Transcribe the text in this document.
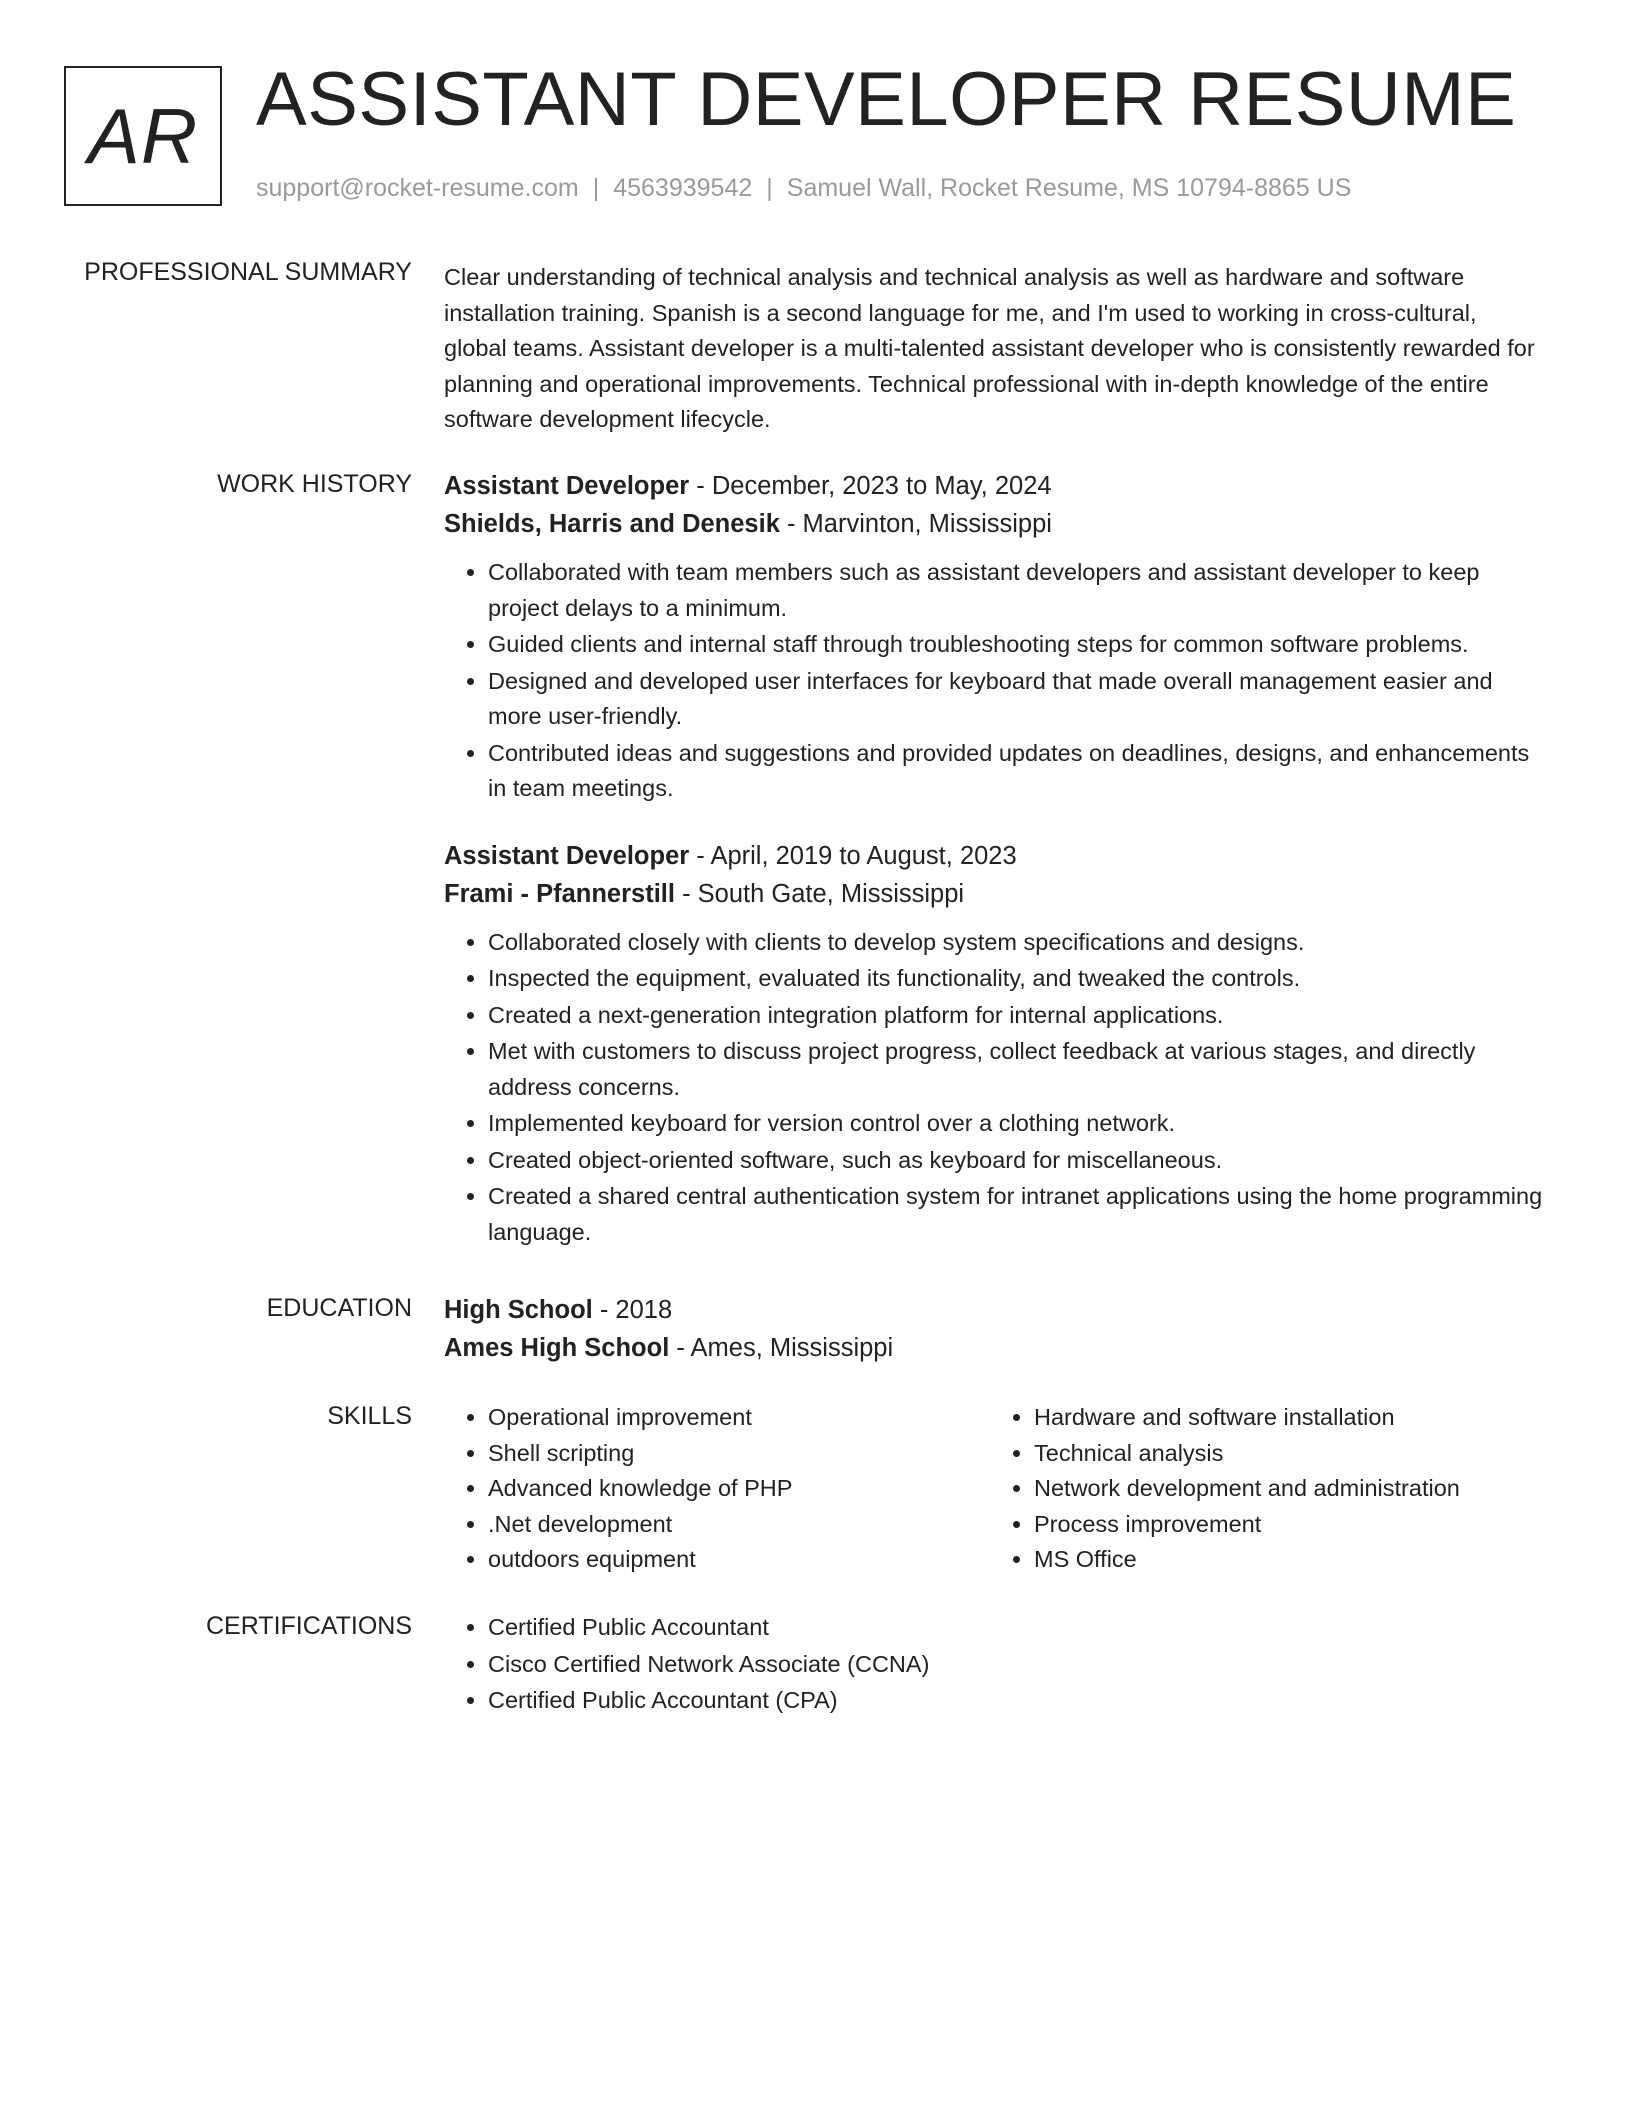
AR ASSISTANT DEVELOPER RESUME
support@rocket-resume.com | 4563939542 | Samuel Wall, Rocket Resume, MS 10794-8865 US
PROFESSIONAL SUMMARY Clear understanding of technical analysis and technical analysis as well as hardware and software installation training. Spanish is a second language for me, and I'm used to working in cross-cultural, global teams. Assistant developer is a multi-talented assistant developer who is consistently rewarded for planning and operational improvements. Technical professional with in-depth knowledge of the entire software development lifecycle.

WORK HISTORY Assistant Developer - December, 2023 to May, 2024
Shields, Harris and Denesik - Marvinton, Mississippi
• Collaborated with team members such as assistant developers and assistant developer to keep project delays to a minimum.
• Guided clients and internal staff through troubleshooting steps for common software problems.
• Designed and developed user interfaces for keyboard that made overall management easier and more user-friendly.
• Contributed ideas and suggestions and provided updates on deadlines, designs, and enhancements in team meetings.
Assistant Developer - April, 2019 to August, 2023
Frami - Pfannerstill - South Gate, Mississippi
• Collaborated closely with clients to develop system specifications and designs.
• Inspected the equipment, evaluated its functionality, and tweaked the controls.
• Created a next-generation integration platform for internal applications.
• Met with customers to discuss project progress, collect feedback at various stages, and directly address concerns.
• Implemented keyboard for version control over a clothing network.
• Created object-oriented software, such as keyboard for miscellaneous.
• Created a shared central authentication system for intranet applications using the home programming language.
EDUCATION High School - 2018
Ames High School - Ames, Mississippi
SKILLS	• Operational improvement
• Shell scripting
• Advanced knowledge of PHP
• .Net development
• outdoors equipment
• Hardware and software installation
• Technical analysis
• Network development and administration
• Process improvement
• MS Office
CERTIFICATIONS	• Certified Public Accountant
• Cisco Certified Network Associate (CCNA)
• Certified Public Accountant (CPA)
